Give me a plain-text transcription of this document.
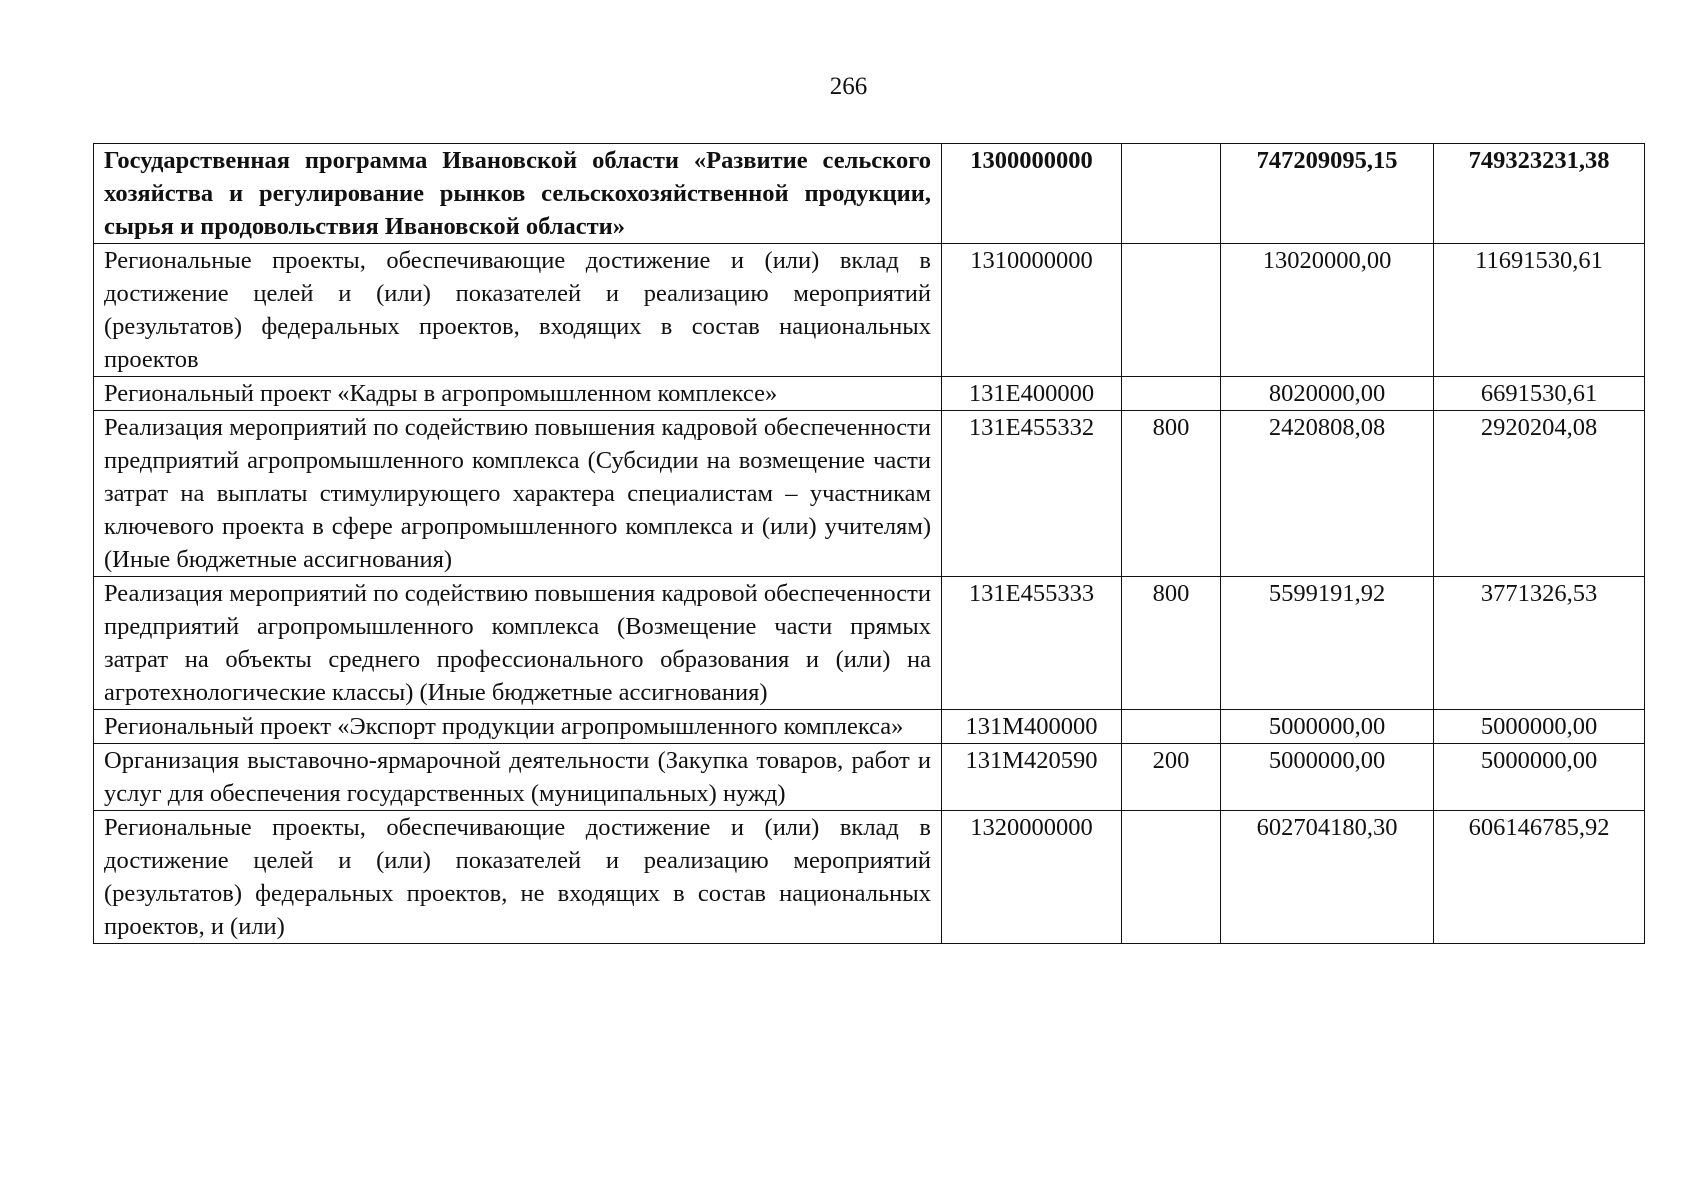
266
Государственная программа Ивановской области «Развитие сельского хозяйства и регулирование рынков сельскохозяйственной продукции, сырья и продовольствия Ивановской области»	1300000000		747209095,15	749323231,38
Региональные проекты, обеспечивающие достижение и (или) вклад в достижение целей и (или) показателей и реализацию мероприятий (результатов) федеральных проектов, входящих в состав национальных проектов	1310000000		13020000,00	11691530,61
Региональный проект «Кадры в агропромышленном комплексе»	131Е400000		8020000,00	6691530,61
Реализация мероприятий по содействию повышения кадровой обеспеченности предприятий агропромышленного комплекса (Субсидии на возмещение части затрат на выплаты стимулирующего характера специалистам – участникам ключевого проекта в сфере агропромышленного комплекса и (или) учителям) (Иные бюджетные ассигнования)	131Е455332	800	2420808,08	2920204,08
Реализация мероприятий по содействию повышения кадровой обеспеченности предприятий агропромышленного комплекса (Возмещение части прямых затрат на объекты среднего профессионального образования и (или) на агротехнологические классы) (Иные бюджетные ассигнования)	131Е455333	800	5599191,92	3771326,53
Региональный проект «Экспорт продукции агропромышленного комплекса»	131М400000		5000000,00	5000000,00
Организация выставочно-ярмарочной деятельности (Закупка товаров, работ и услуг для обеспечения государственных (муниципальных) нужд)	131М420590	200	5000000,00	5000000,00
Региональные проекты, обеспечивающие достижение и (или) вклад в достижение целей и (или) показателей и реализацию мероприятий (результатов) федеральных проектов, не входящих в состав национальных проектов, и (или)	1320000000		602704180,30	606146785,92
